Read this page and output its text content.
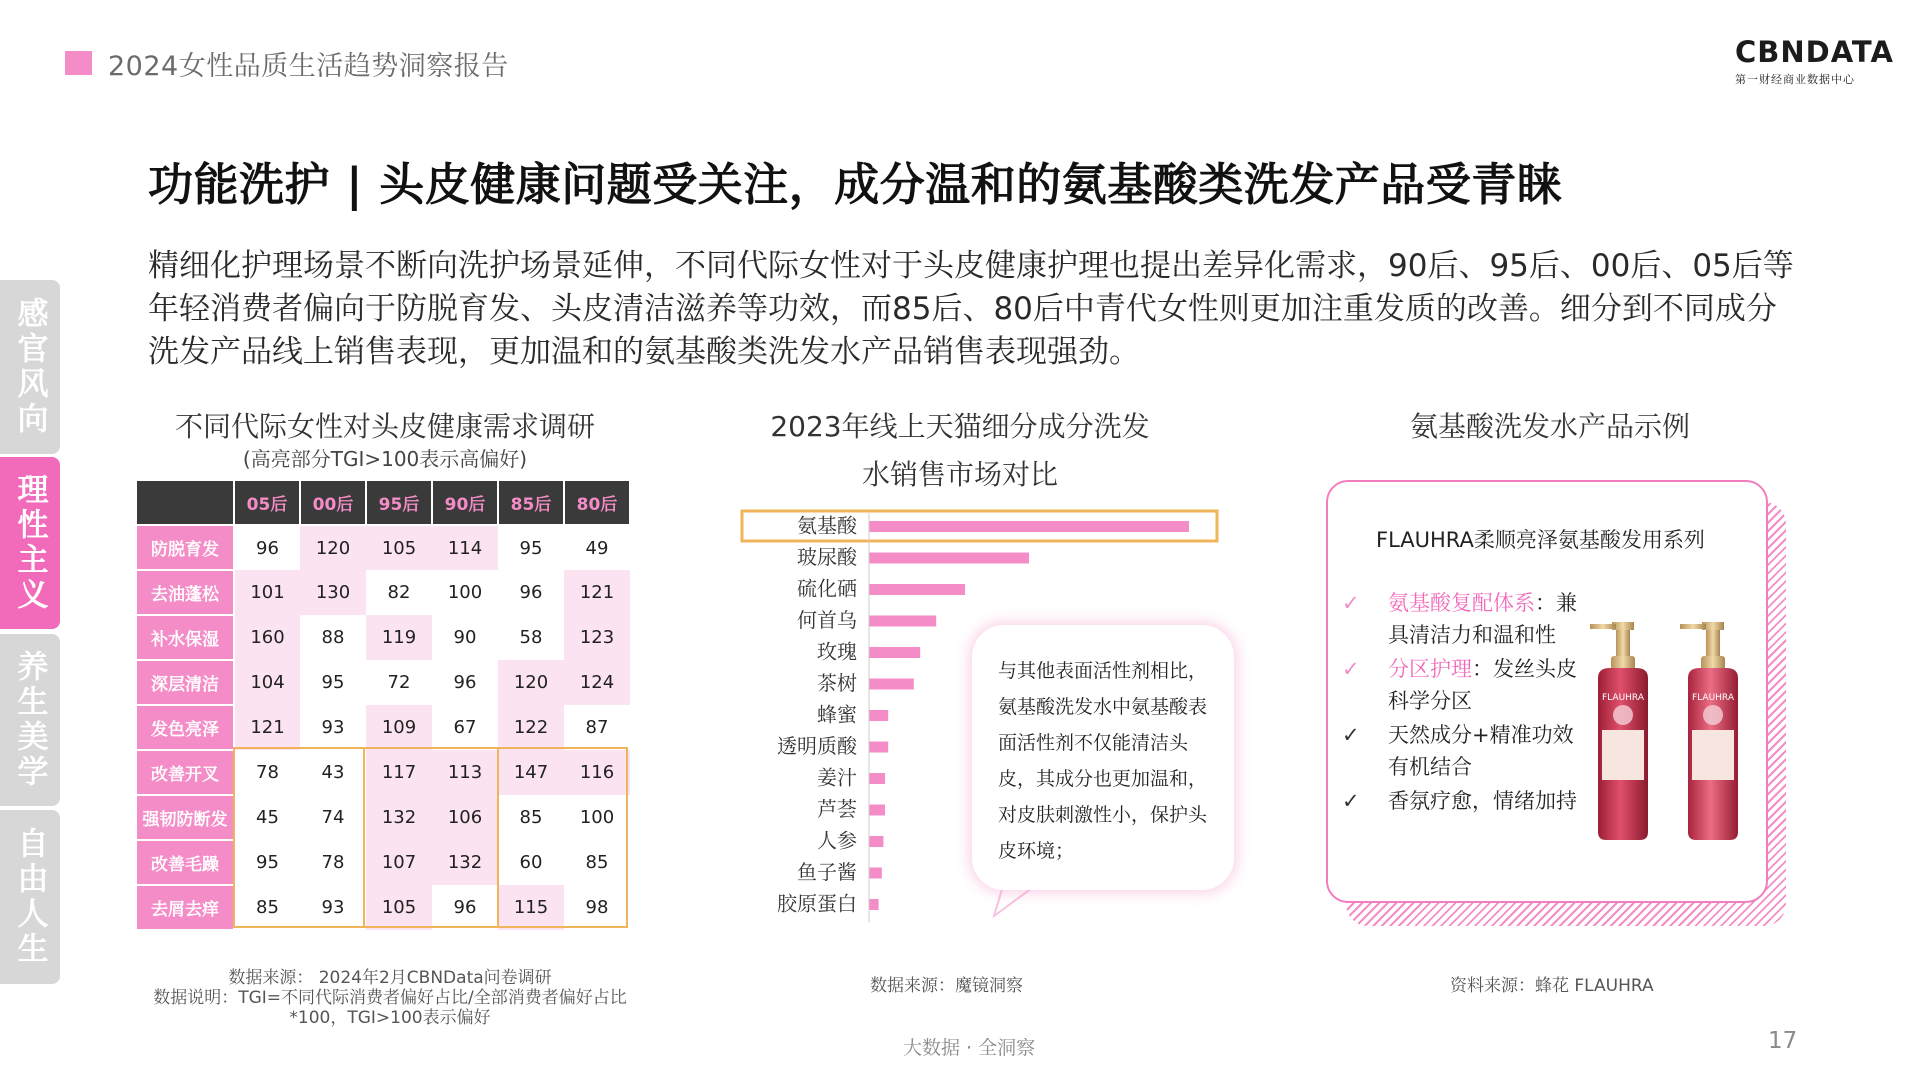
2024女性品质生活趋势洞察报告	CBNDATA
第一财经商业数据中心
功能洗护 | 头皮健康问题受关注，成分温和的氨基酸类洗发产品受青睐
精细化护理场景不断向洗护场景延伸，不同代际女性对于头皮健康护理也提出差异化需求，90后、95后、00后、05后等年轻消费者偏向于防脱育发、头皮清洁滋养等功效，而85后、80后中青代女性则更加注重发质的改善。细分到不同成分洗发产品线上销售表现，更加温和的氨基酸类洗发水产品销售表现强劲。
感官风向
理性主义
养生美学
自由人生
不同代际女性对头皮健康需求调研
(高亮部分TGI>100表示高偏好)
	05后	00后	95后	90后	85后	80后
防脱育发	96	120	105	114	95	49
去油蓬松	101	130	82	100	96	121
补水保湿	160	88	119	90	58	123
深层清洁	104	95	72	96	120	124
发色亮泽	121	93	109	67	122	87
改善开叉	78	43	117	113	147	116
强韧防断发	45	74	132	106	85	100
改善毛躁	95	78	107	132	60	85
去屑去痒	85	93	105	96	115	98
数据来源： 2024年2月CBNData问卷调研
数据说明：TGI=不同代际消费者偏好占比/全部消费者偏好占比*100，TGI>100表示偏好
2023年线上天猫细分成分洗发
水销售市场对比
氨基酸
玻尿酸
硫化硒
何首乌
玫瑰
茶树
蜂蜜
透明质酸
姜汁
芦荟
人参
鱼子酱
胶原蛋白
与其他表面活性剂相比，氨基酸洗发水中氨基酸表面活性剂不仅能清洁头皮，其成分也更加温和，对皮肤刺激性小，保护头皮环境；
数据来源：魔镜洞察
氨基酸洗发水产品示例
FLAUHRA柔顺亮泽氨基酸发用系列
✓ 氨基酸复配体系：兼具清洁力和温和性
✓ 分区护理：发丝头皮科学分区
✓ 天然成分+精准功效有机结合
✓ 香氛疗愈，情绪加持
FLAUHRA	FLAUHRA
资料来源：蜂花 FLAUHRA
大数据 · 全洞察	17
